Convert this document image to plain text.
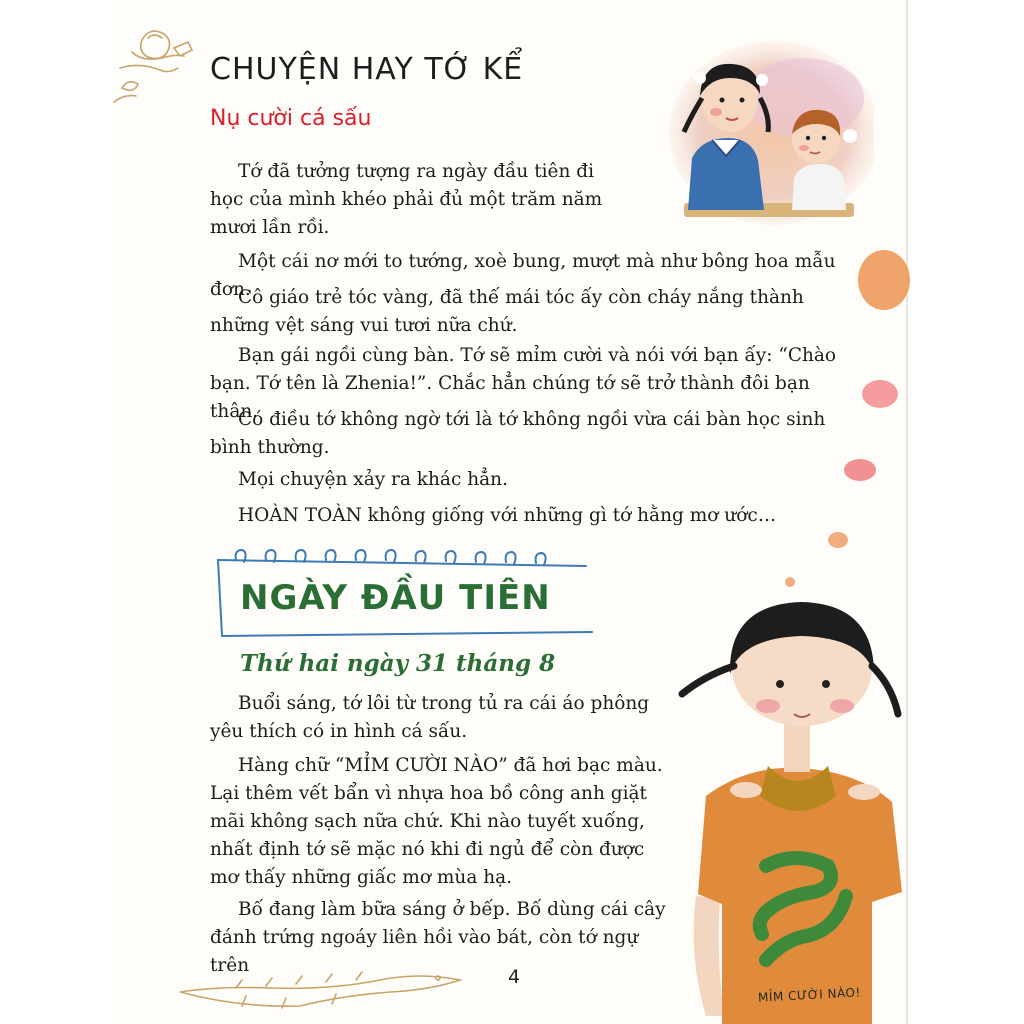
CHUYỆN HAY TỚ KỂ
Nụ cười cá sấu

Tớ đã tưởng tượng ra ngày đầu tiên đi học của mình khéo phải đủ một trăm năm mươi lần rồi.

Một cái nơ mới to tướng, xoè bung, mượt mà như bông hoa mẫu đơn.

Cô giáo trẻ tóc vàng, đã thế mái tóc ấy còn cháy nắng thành những vệt sáng vui tươi nữa chứ.

Bạn gái ngồi cùng bàn. Tớ sẽ mỉm cười và nói với bạn ấy: “Chào bạn. Tớ tên là Zhenia!”. Chắc hẳn chúng tớ sẽ trở thành đôi bạn thân.

Có điều tớ không ngờ tới là tớ không ngồi vừa cái bàn học sinh bình thường.

Mọi chuyện xảy ra khác hẳn.

HOÀN TOÀN không giống với những gì tớ hằng mơ ước…

NGÀY ĐẦU TIÊN
Thứ hai ngày 31 tháng 8

Buổi sáng, tớ lôi từ trong tủ ra cái áo phông yêu thích có in hình cá sấu.

Hàng chữ “MỈM CƯỜI NÀO” đã hơi bạc màu. Lại thêm vết bẩn vì nhựa hoa bồ công anh giặt mãi không sạch nữa chứ. Khi nào tuyết xuống, nhất định tớ sẽ mặc nó khi đi ngủ để còn được mơ thấy những giấc mơ mùa hạ.

Bố đang làm bữa sáng ở bếp. Bố dùng cái cây đánh trứng ngoáy liên hồi vào bát, còn tớ ngự trên

MỈM CƯỜI NÀO!
4
